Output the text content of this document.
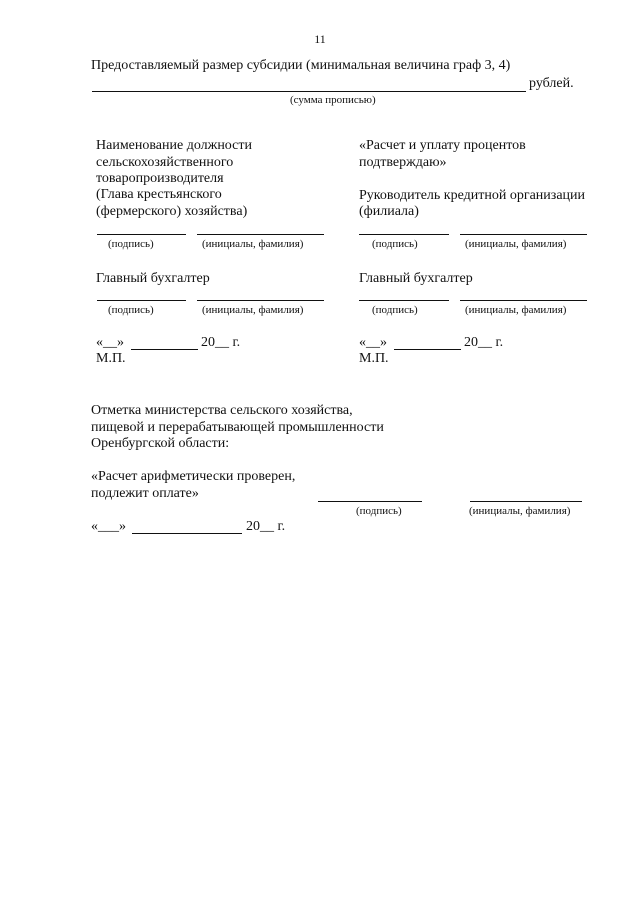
11
Предоставляемый размер субсидии (минимальная величина граф 3, 4)
рублей.
(сумма прописью)
Наименование должности
сельскохозяйственного
товаропроизводителя
(Глава крестьянского
(фермерского) хозяйства)
(подпись)	(инициалы, фамилия)
Главный бухгалтер
(подпись)	(инициалы, фамилия)
«__»	20__ г.
М.П.
«Расчет и уплату процентов
подтверждаю»
Руководитель кредитной организации
(филиала)
(подпись)	(инициалы, фамилия)
Главный бухгалтер
(подпись)	(инициалы, фамилия)
«__»	20__ г.
М.П.
Отметка министерства сельского хозяйства,
пищевой и перерабатывающей промышленности
Оренбургской области:
«Расчет арифметически проверен,
подлежит оплате»
(подпись)	(инициалы, фамилия)
«___»	20__ г.
